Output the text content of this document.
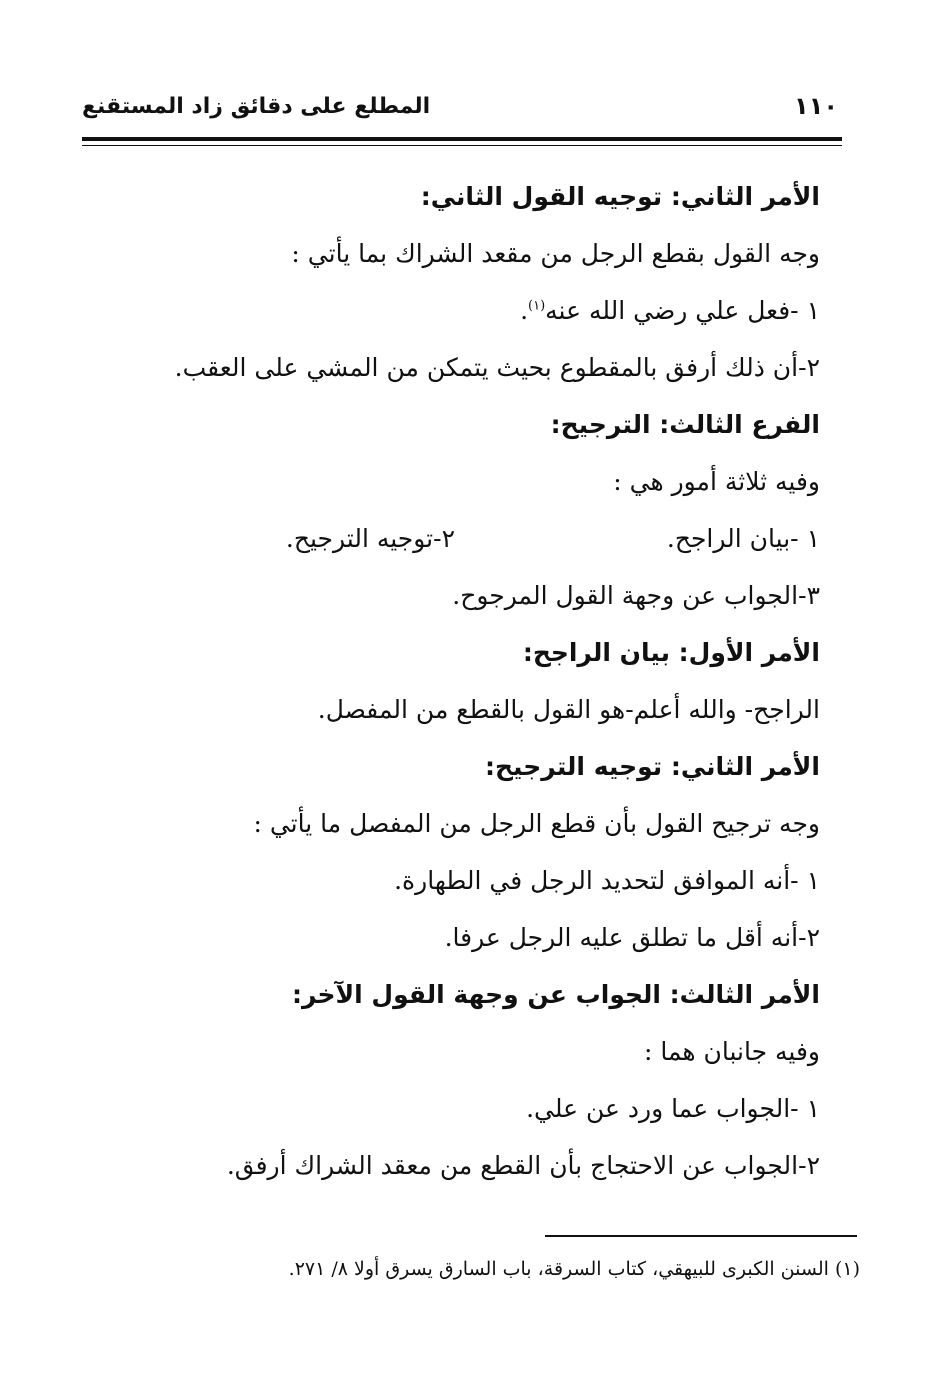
١١٠
المطلع على دقائق زاد المستقنع
الأمر الثاني: توجيه القول الثاني:
وجه القول بقطع الرجل من مقعد الشراك بما يأتي :
١ -فعل علي رضي الله عنه$^{(١)}$.
٢-أن ذلك أرفق بالمقطوع بحيث يتمكن من المشي على العقب.
الفرع الثالث: الترجيح:
وفيه ثلاثة أمور هي :
١ -بيان الراجح.
٢-توجيه الترجيح.
٣-الجواب عن وجهة القول المرجوح.
الأمر الأول: بيان الراجح:
الراجح- والله أعلم-هو القول بالقطع من المفصل.
الأمر الثاني: توجيه الترجيح:
وجه ترجيح القول بأن قطع الرجل من المفصل ما يأتي :
١ -أنه الموافق لتحديد الرجل في الطهارة.
٢-أنه أقل ما تطلق عليه الرجل عرفا.
الأمر الثالث: الجواب عن وجهة القول الآخر:
وفيه جانبان هما :
١ -الجواب عما ورد عن علي.
٢-الجواب عن الاحتجاج بأن القطع من معقد الشراك أرفق.
(١) السنن الكبرى للبيهقي، كتاب السرقة، باب السارق يسرق أولا ٨/ ٢٧١.
